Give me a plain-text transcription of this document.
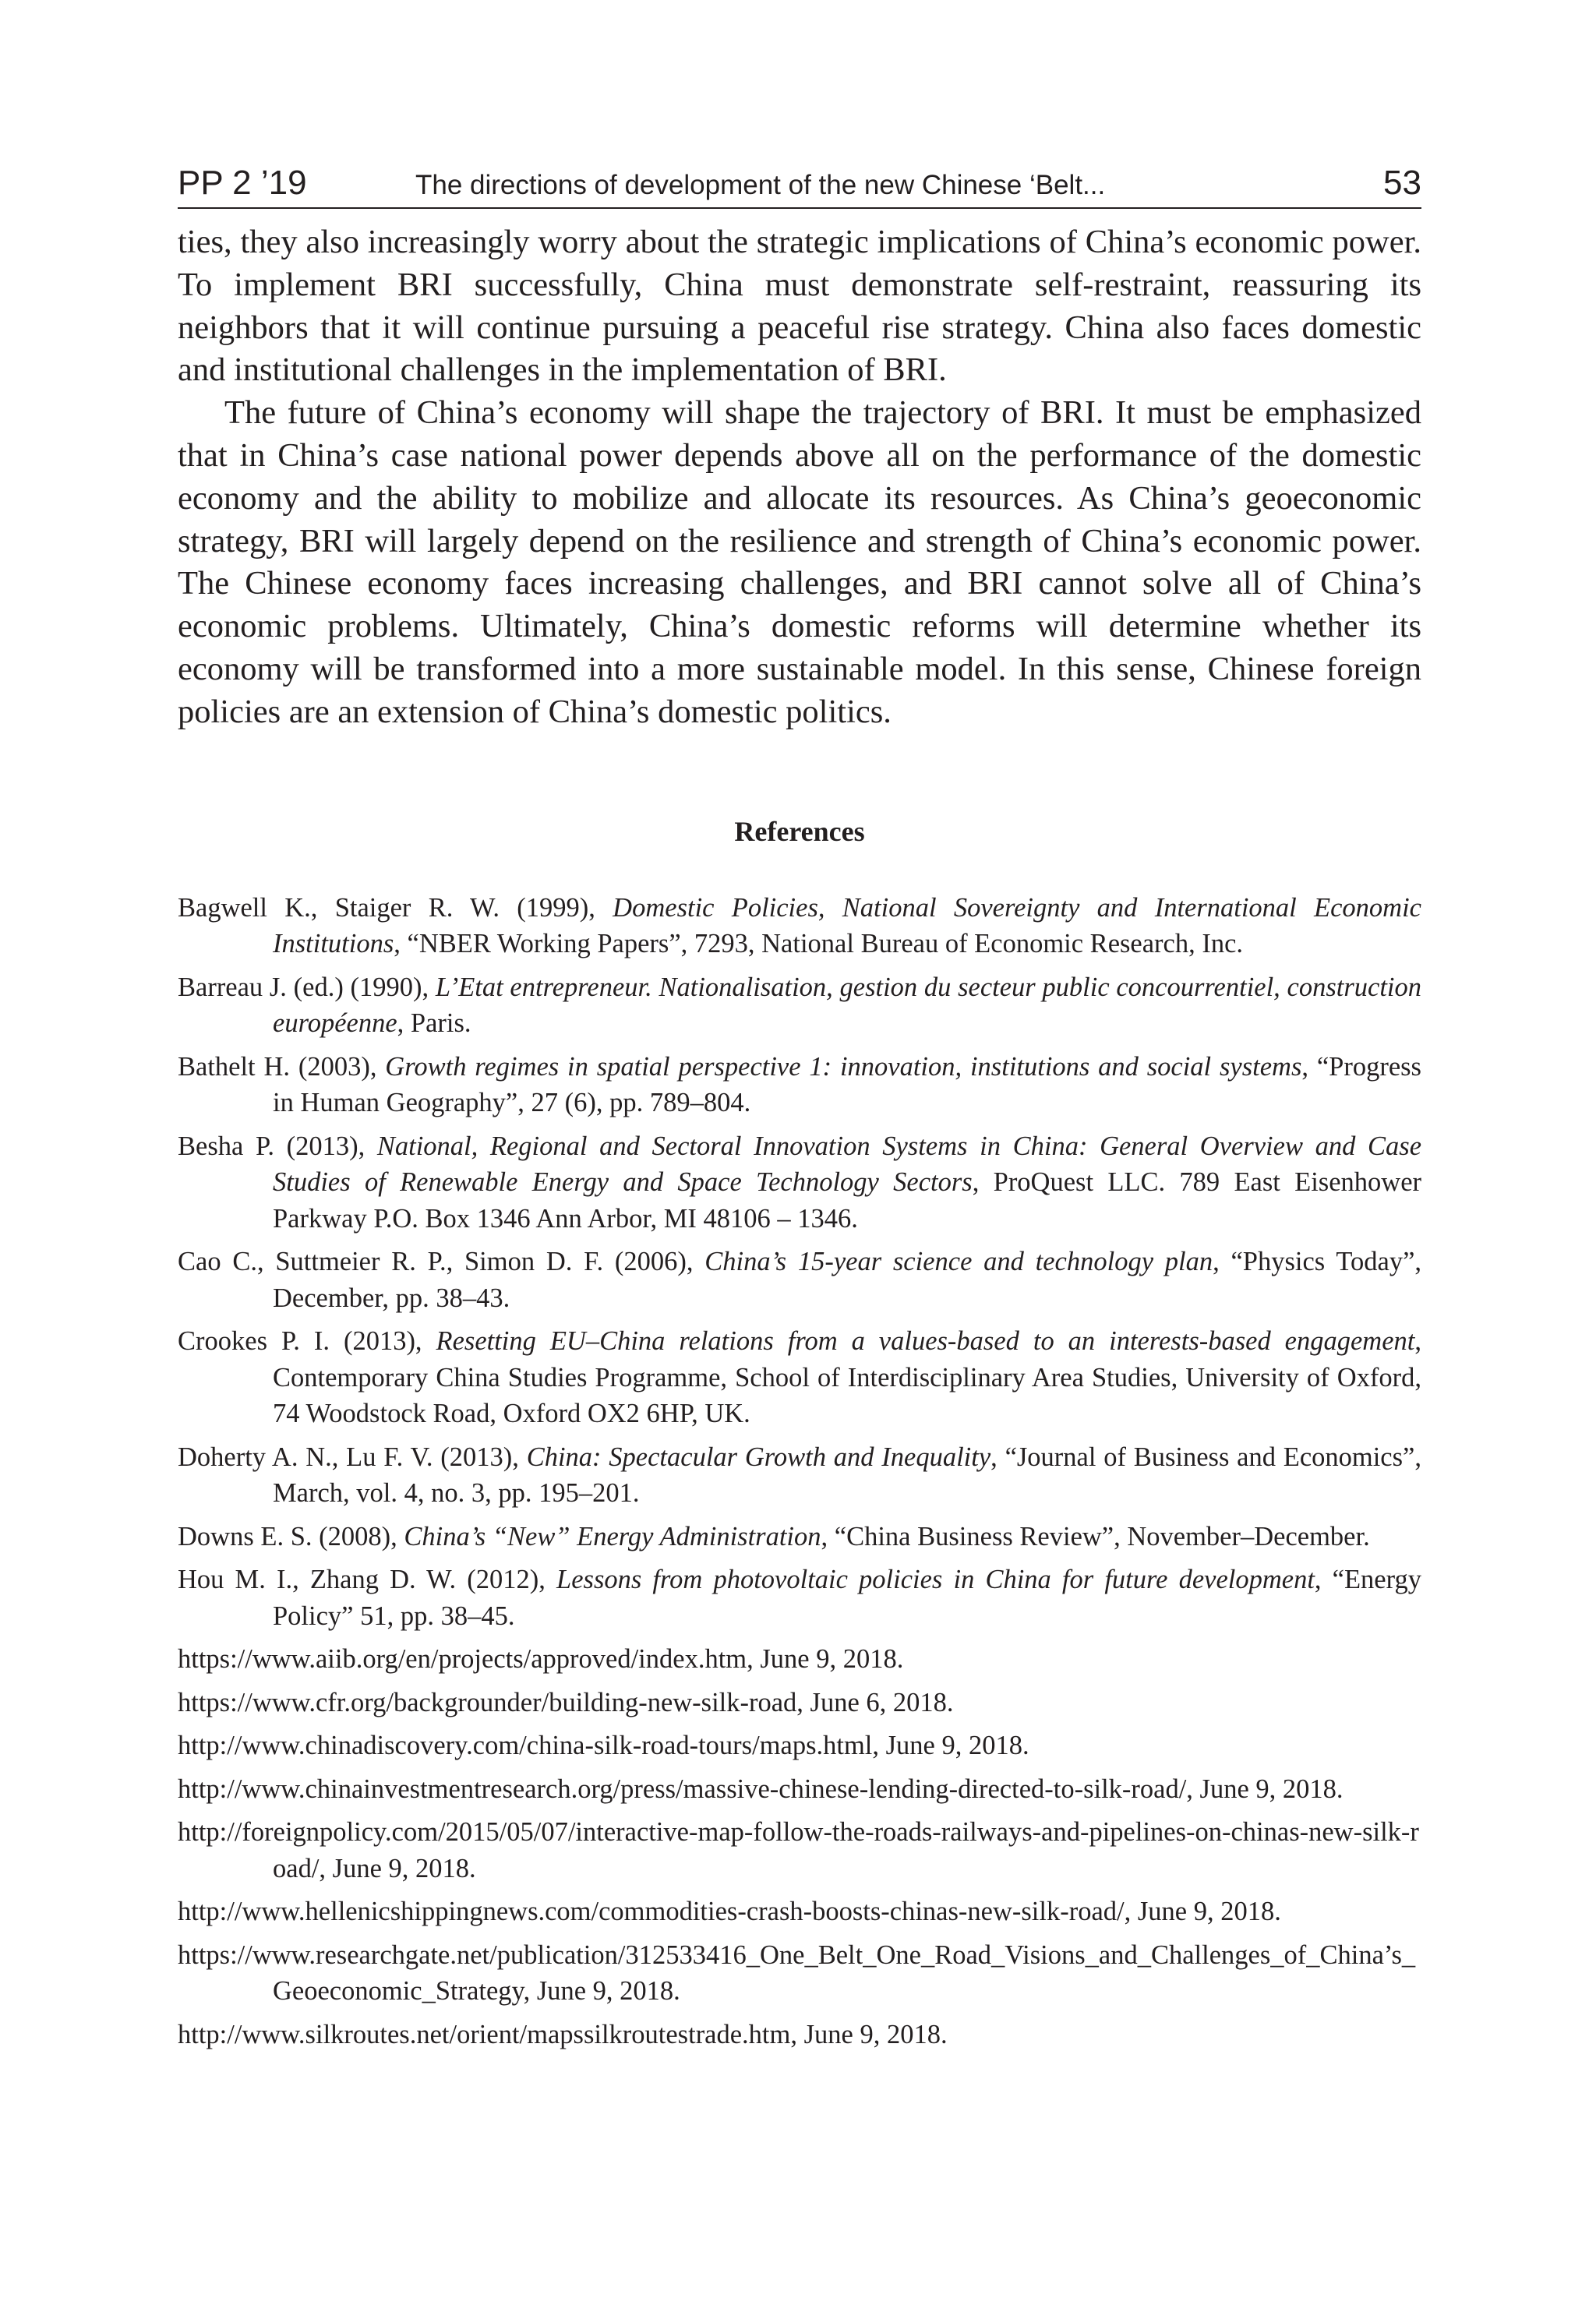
PP 2 ’19	The directions of development of the new Chinese ‘Belt...	53

ties, they also increasingly worry about the strategic implications of China’s economic power. To implement BRI successfully, China must demonstrate self-restraint, reassuring its neighbors that it will continue pursuing a peaceful rise strategy. China also faces domestic and institutional challenges in the implementation of BRI.

The future of China’s economy will shape the trajectory of BRI. It must be emphasized that in China’s case national power depends above all on the performance of the domestic economy and the ability to mobilize and allocate its resources. As China’s geoeconomic strategy, BRI will largely depend on the resilience and strength of China’s economic power. The Chinese economy faces increasing challenges, and BRI cannot solve all of China’s economic problems. Ultimately, China’s domestic reforms will determine whether its economy will be transformed into a more sustainable model. In this sense, Chinese foreign policies are an extension of China’s domestic politics.

References
Bagwell K., Staiger R. W. (1999), Domestic Policies, National Sovereignty and International Economic Institutions, “NBER Working Papers”, 7293, National Bureau of Economic Research, Inc.
Barreau J. (ed.) (1990), L’Etat entrepreneur. Nationalisation, gestion du secteur public concourrentiel, construction européenne, Paris.
Bathelt H. (2003), Growth regimes in spatial perspective 1: innovation, institutions and social systems, “Progress in Human Geography”, 27 (6), pp. 789–804.
Besha P. (2013), National, Regional and Sectoral Innovation Systems in China: General Overview and Case Studies of Renewable Energy and Space Technology Sectors, ProQuest LLC. 789 East Eisenhower Parkway P.O. Box 1346 Ann Arbor, MI 48106 – 1346.
Cao C., Suttmeier R. P., Simon D. F. (2006), China’s 15-year science and technology plan, “Physics Today”, December, pp. 38–43.
Crookes P. I. (2013), Resetting EU–China relations from a values-based to an interests-based engagement, Contemporary China Studies Programme, School of Interdisciplinary Area Studies, University of Oxford, 74 Woodstock Road, Oxford OX2 6HP, UK.
Doherty A. N., Lu F. V. (2013), China: Spectacular Growth and Inequality, “Journal of Business and Economics”, March, vol. 4, no. 3, pp. 195–201.
Downs E. S. (2008), China’s “New” Energy Administration, “China Business Review”, November–December.
Hou M. I., Zhang D. W. (2012), Lessons from photovoltaic policies in China for future development, “Energy Policy” 51, pp. 38–45.
https://www.aiib.org/en/projects/approved/index.htm, June 9, 2018.
https://www.cfr.org/backgrounder/building-new-silk-road, June 6, 2018.
http://www.chinadiscovery.com/china-silk-road-tours/maps.html, June 9, 2018.
http://www.chinainvestmentresearch.org/press/massive-chinese-lending-directed-to-silk-road/, June 9, 2018.
http://foreignpolicy.com/2015/05/07/interactive-map-follow-the-roads-railways-and-pipelines-on-chinas-new-silk-road/, June 9, 2018.
http://www.hellenicshippingnews.com/commodities-crash-boosts-chinas-new-silk-road/, June 9, 2018.
https://www.researchgate.net/publication/312533416_One_Belt_One_Road_Visions_and_Challenges_of_China’s_Geoeconomic_Strategy, June 9, 2018.
http://www.silkroutes.net/orient/mapssilkroutestrade.htm, June 9, 2018.
